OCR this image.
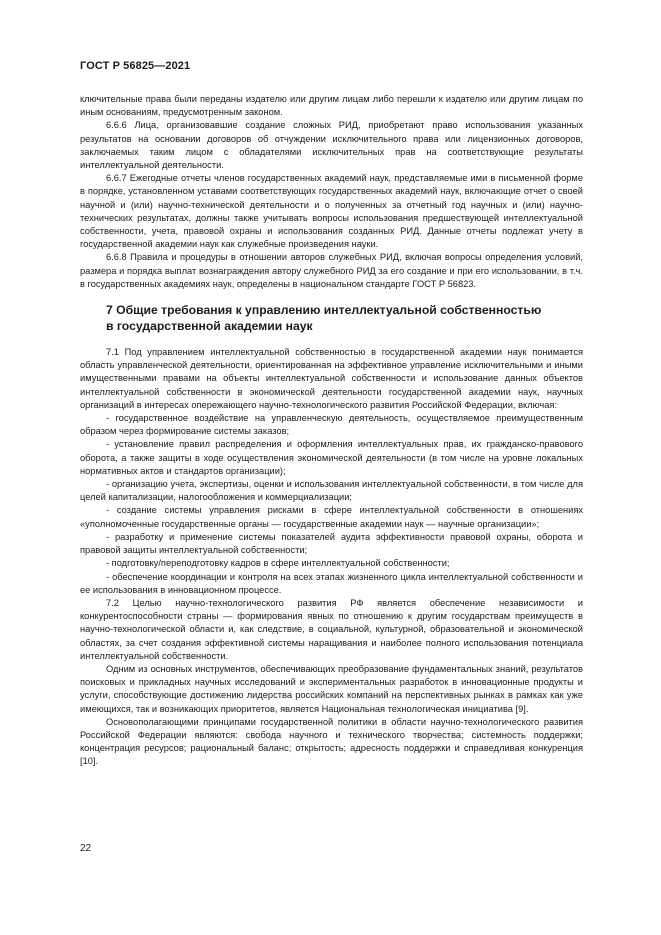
ГОСТ Р 56825—2021

ключительные права были переданы издателю или другим лицам либо перешли к издателю или другим лицам по иным основаниям, предусмотренным законом.

6.6.6 Лица, организовавшие создание сложных РИД, приобретают право использования указанных результатов на основании договоров об отчуждении исключительного права или лицензионных договоров, заключаемых таким лицом с обладателями исключительных прав на соответствующие результаты интеллектуальной деятельности.

6.6.7 Ежегодные отчеты членов государственных академий наук, представляемые ими в письменной форме в порядке, установленном уставами соответствующих государственных академий наук, включающие отчет о своей научной и (или) научно-технической деятельности и о полученных за отчетный год научных и (или) научно-технических результатах, должны также учитывать вопросы использования предшествующей интеллектуальной собственности, учета, правовой охраны и использования созданных РИД. Данные отчеты подлежат учету в государственной академии наук как служебные произведения науки.

6.6.8 Правила и процедуры в отношении авторов служебных РИД, включая вопросы определения условий, размера и порядка выплат вознаграждения автору служебного РИД за его создание и при его использовании, в т.ч. в государственных академиях наук, определены в национальном стандарте ГОСТ Р 56823.

7 Общие требования к управлению интеллектуальной собственностью
в государственной академии наук

7.1 Под управлением интеллектуальной собственностью в государственной академии наук понимается область управленческой деятельности, ориентированная на эффективное управление исключительными и иными имущественными правами на объекты интеллектуальной собственности и использование данных объектов интеллектуальной собственности в экономической деятельности государственной академии наук, научных организаций в интересах опережающего научно-технологического развития Российской Федерации, включая:

- государственное воздействие на управленческую деятельность, осуществляемое преимущественным образом через формирование системы заказов;

- установление правил распределения и оформления интеллектуальных прав, их гражданско-правового оборота, а также защиты в ходе осуществления экономической деятельности (в том числе на уровне локальных нормативных актов и стандартов организации);

- организацию учета, экспертизы, оценки и использования интеллектуальной собственности, в том числе для целей капитализации, налогообложения и коммерциализации;

- создание системы управления рисками в сфере интеллектуальной собственности в отношениях «уполномоченные государственные органы — государственные академии наук — научные организации»;

- разработку и применение системы показателей аудита эффективности правовой охраны, оборота и правовой защиты интеллектуальной собственности;

- подготовку/переподготовку кадров в сфере интеллектуальной собственности;

- обеспечение координации и контроля на всех этапах жизненного цикла интеллектуальной собственности и ее использования в инновационном процессе.

7.2 Целью научно-технологического развития РФ является обеспечение независимости и конкурентоспособности страны — формирования явных по отношению к другим государствам преимуществ в научно-технологической области и, как следствие, в социальной, культурной, образовательной и экономической областях, за счет создания эффективной системы наращивания и наиболее полного использования потенциала интеллектуальной собственности.

Одним из основных инструментов, обеспечивающих преобразование фундаментальных знаний, результатов поисковых и прикладных научных исследований и экспериментальных разработок в инновационные продукты и услуги, способствующие достижению лидерства российских компаний на перспективных рынках в рамках как уже имеющихся, так и возникающих приоритетов, является Национальная технологическая инициатива [9].

Основополагающими принципами государственной политики в области научно-технологического развития Российской Федерации являются: свобода научного и технического творчества; системность поддержки; концентрация ресурсов; рациональный баланс; открытость; адресность поддержки и справедливая конкуренция [10].

22
